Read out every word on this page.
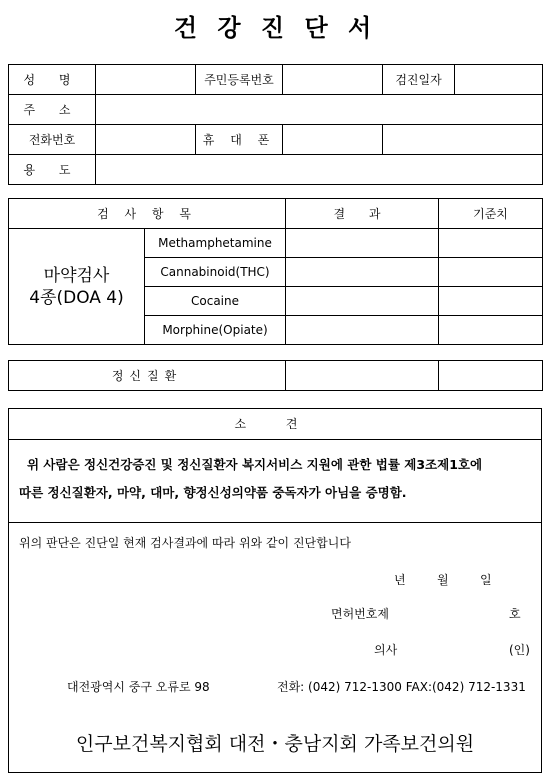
건 강 진 단 서
성 명		주민등록번호		검진일자	
주 소					
전화번호		휴 대 폰			
용 도					
검 사 항 목		결 과	기준치

마약검사
4종(DOA 4)	Methamphetamine		
	Cannabinoid(THC)		
	Cocaine		
	Morphine(Opiate)		
정신질환		
소 견
위 사람은 정신건강증진 및 정신질환자 복지서비스 지원에 관한 법률 제3조제1호에
따른 정신질환자, 마약, 대마, 향정신성의약품 중독자가 아님을 증명함.
위의 판단은 진단일 현재 검사결과에 따라 위와 같이 진단합니다
년	월	일
면허번호제	호
의사	(인)
대전광역시 중구 오류로 98	전화: (042) 712-1300 FAX:(042) 712-1331
인구보건복지협회 대전・충남지회 가족보건의원
